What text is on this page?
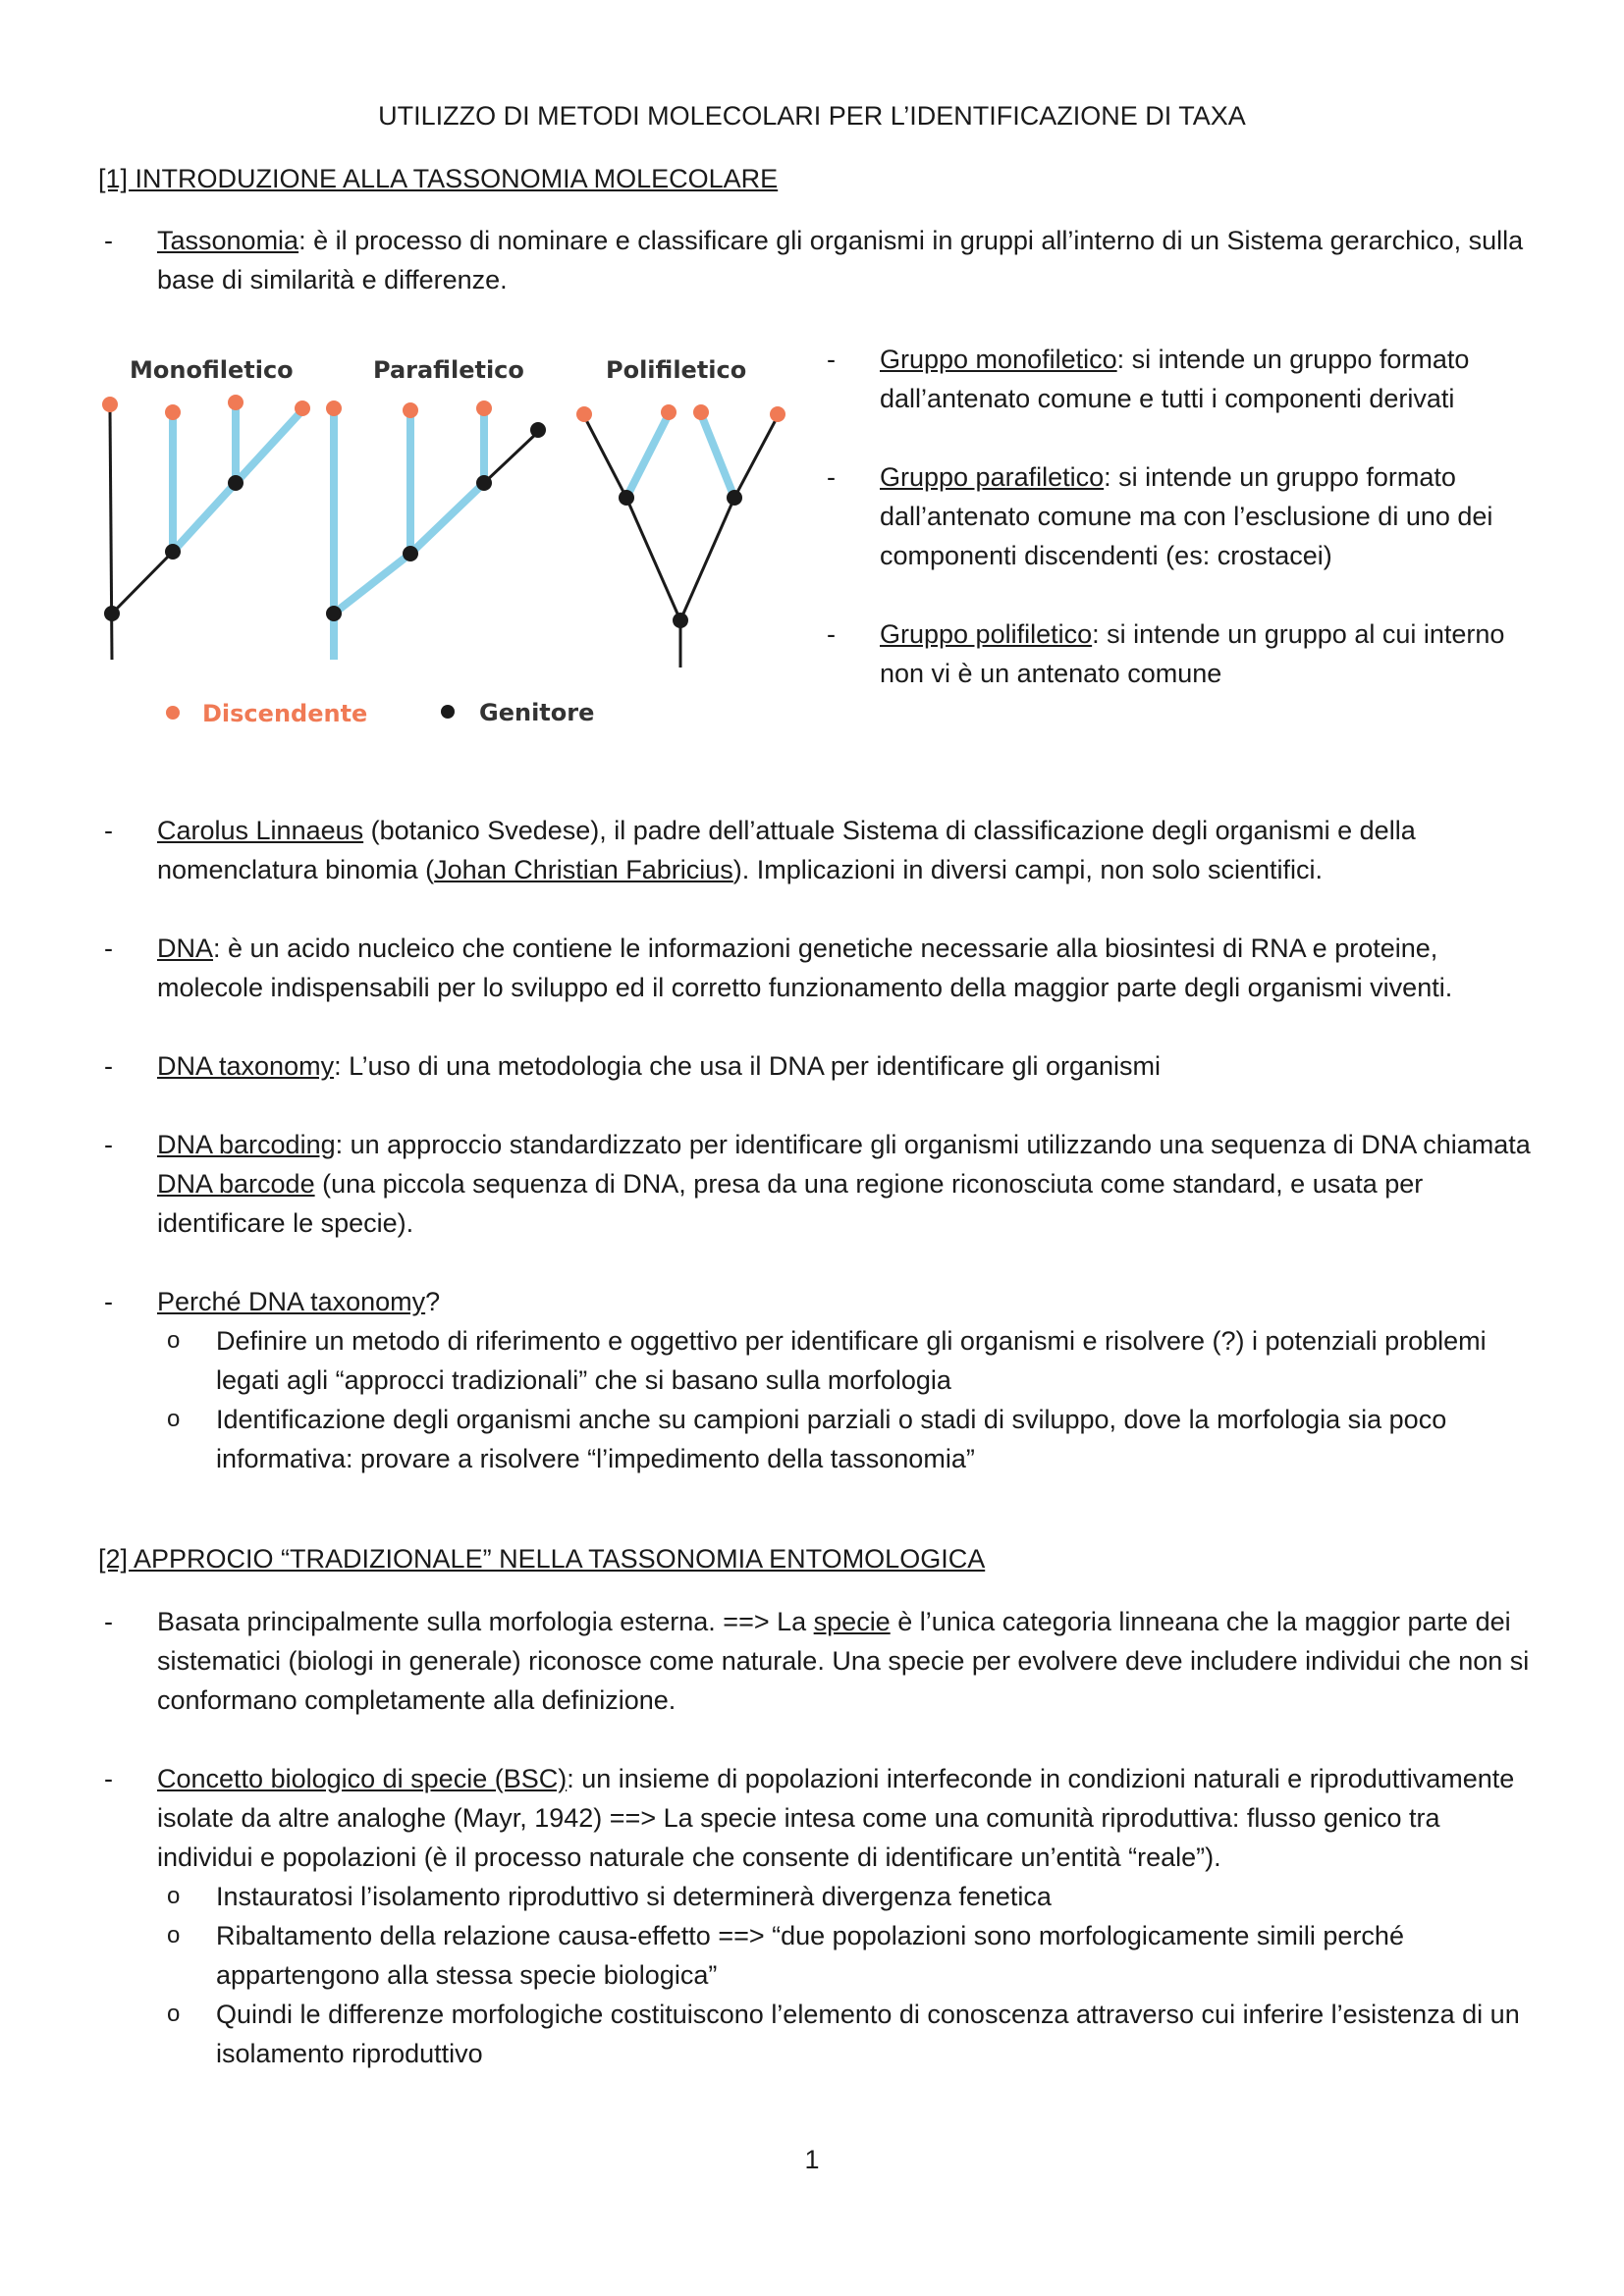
UTILIZZO DI METODI MOLECOLARI PER L’IDENTIFICAZIONE DI TAXA
[1] INTRODUZIONE ALLA TASSONOMIA MOLECOLARE
- Tassonomia: è il processo di nominare e classificare gli organismi in gruppi all’interno di un Sistema gerarchico, sulla base di similarità e differenze.
Monofiletico	Parafiletico	Polifiletico
Discendente	Genitore
- Gruppo monofiletico: si intende un gruppo formato dall’antenato comune e tutti i componenti derivati
- Gruppo parafiletico: si intende un gruppo formato dall’antenato comune ma con l’esclusione di uno dei componenti discendenti (es: crostacei)
- Gruppo polifiletico: si intende un gruppo al cui interno non vi è un antenato comune
- Carolus Linnaeus (botanico Svedese), il padre dell’attuale Sistema di classificazione degli organismi e della nomenclatura binomia (Johan Christian Fabricius). Implicazioni in diversi campi, non solo scientifici.
- DNA: è un acido nucleico che contiene le informazioni genetiche necessarie alla biosintesi di RNA e proteine, molecole indispensabili per lo sviluppo ed il corretto funzionamento della maggior parte degli organismi viventi.
- DNA taxonomy: L’uso di una metodologia che usa il DNA per identificare gli organismi
- DNA barcoding: un approccio standardizzato per identificare gli organismi utilizzando una sequenza di DNA chiamata DNA barcode (una piccola sequenza di DNA, presa da una regione riconosciuta come standard, e usata per identificare le specie).
- Perché DNA taxonomy?
o Definire un metodo di riferimento e oggettivo per identificare gli organismi e risolvere (?) i potenziali problemi legati agli “approcci tradizionali” che si basano sulla morfologia
o Identificazione degli organismi anche su campioni parziali o stadi di sviluppo, dove la morfologia sia poco informativa: provare a risolvere “l’impedimento della tassonomia”
[2] APPROCIO “TRADIZIONALE” NELLA TASSONOMIA ENTOMOLOGICA
- Basata principalmente sulla morfologia esterna. ==> La specie è l’unica categoria linneana che la maggior parte dei sistematici (biologi in generale) riconosce come naturale. Una specie per evolvere deve includere individui che non si conformano completamente alla definizione.
- Concetto biologico di specie (BSC): un insieme di popolazioni interfeconde in condizioni naturali e riproduttivamente isolate da altre analoghe (Mayr, 1942) ==> La specie intesa come una comunità riproduttiva: flusso genico tra individui e popolazioni (è il processo naturale che consente di identificare un’entità “reale”).
o Instauratosi l’isolamento riproduttivo si determinerà divergenza fenetica
o Ribaltamento della relazione causa-effetto ==> “due popolazioni sono morfologicamente simili perché appartengono alla stessa specie biologica”
o Quindi le differenze morfologiche costituiscono l’elemento di conoscenza attraverso cui inferire l’esistenza di un isolamento riproduttivo
1
